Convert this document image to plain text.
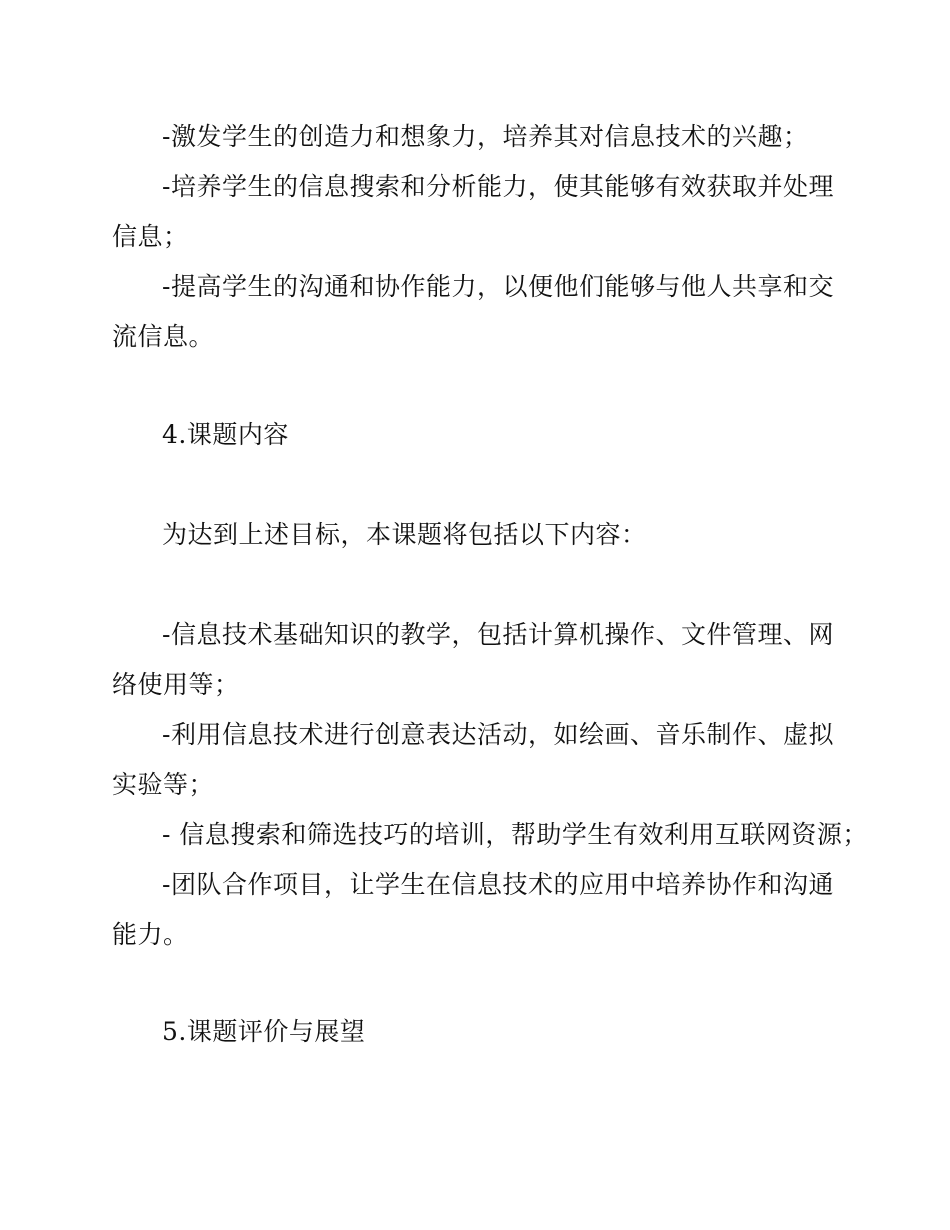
-激发学生的创造力和想象力，培养其对信息技术的兴趣；
-培养学生的信息搜索和分析能力，使其能够有效获取并处理
信息；
-提高学生的沟通和协作能力，以便他们能够与他人共享和交
流信息。
4.课题内容
为达到上述目标，本课题将包括以下内容：
-信息技术基础知识的教学，包括计算机操作、文件管理、网
络使用等；
-利用信息技术进行创意表达活动，如绘画、音乐制作、虚拟
实验等；
- 信息搜索和筛选技巧的培训，帮助学生有效利用互联网资源；
-团队合作项目，让学生在信息技术的应用中培养协作和沟通
能力。
5.课题评价与展望
